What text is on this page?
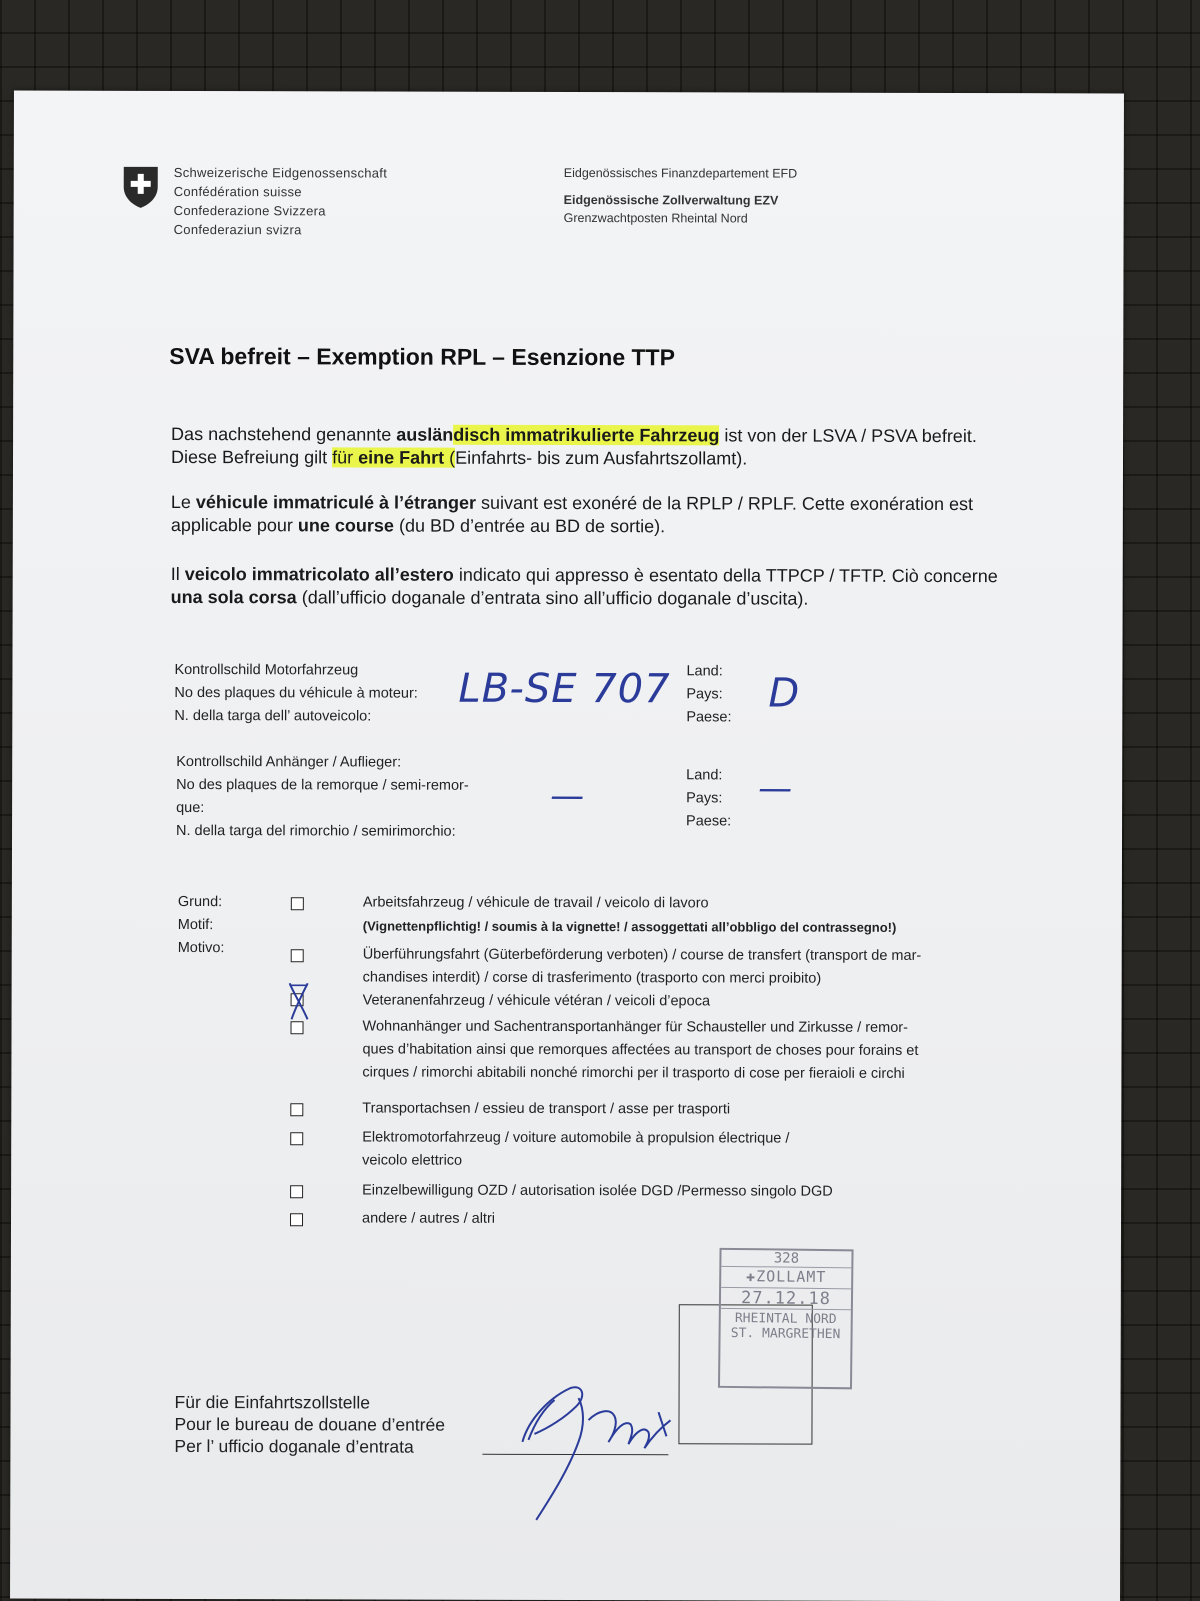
Schweizerische Eidgenossenschaft
Confédération suisse
Confederazione Svizzera
Confederaziun svizra
Eidgenössisches Finanzdepartement EFD
Eidgenössische Zollverwaltung EZV
Grenzwachtposten Rheintal Nord
SVA befreit – Exemption RPL – Esenzione TTP
Das nachstehend genannte ausländisch immatrikulierte Fahrzeug ist von der LSVA / PSVA befreit. Diese Befreiung gilt für eine Fahrt (Einfahrts- bis zum Ausfahrtszollamt).
Le véhicule immatriculé à l’étranger suivant est exonéré de la RPLP / RPLF. Cette exonération est applicable pour une course (du BD d’entrée au BD de sortie).
Il veicolo immatricolato all’estero indicato qui appresso è esentato della TTPCP / TFTP. Ciò concerne una sola corsa (dall’ufficio doganale d’entrata sino all’ufficio doganale d’uscita).
Kontrollschild Motorfahrzeug
No des plaques du véhicule à moteur:
N. della targa dell’ autoveicolo:
LB-SE 707 Land:
Pays:
Paese:
D
Kontrollschild Anhänger / Auflieger:
No des plaques de la remorque / semi-remor-
que:
N. della targa del rimorchio / semirimorchio:
—
Land:
Pays:
Paese:
—
Grund:
Motif:
Motivo:
Arbeitsfahrzeug / véhicule de travail / veicolo di lavoro
(Vignettenpflichtig! / soumis à la vignette! / assoggettati all’obbligo del contrassegno!)
Überführungsfahrt (Güterbeförderung verboten) / course de transfert (transport de mar-
chandises interdit) / corse di trasferimento (trasporto con merci proibito)
Veteranenfahrzeug / véhicule vétéran / veicoli d’epoca
Wohnanhänger und Sachentransportanhänger für Schausteller und Zirkusse / remor-
ques d’habitation ainsi que remorques affectées au transport de choses pour forains et
cirques / rimorchi abitabili nonché rimorchi per il trasporto di cose per fieraioli e circhi
Transportachsen / essieu de transport / asse per trasporti
Elektromotorfahrzeug / voiture automobile à propulsion électrique /
veicolo elettrico
Einzelbewilligung OZD / autorisation isolée DGD /Permesso singolo DGD
andere / autres / altri
328
✚ZOLLAMT
27.12.18
RHEINTAL NORD
ST. MARGRETHEN
Für die Einfahrtszollstelle
Pour le bureau de douane d’entrée
Per l’ ufficio doganale d’entrata
